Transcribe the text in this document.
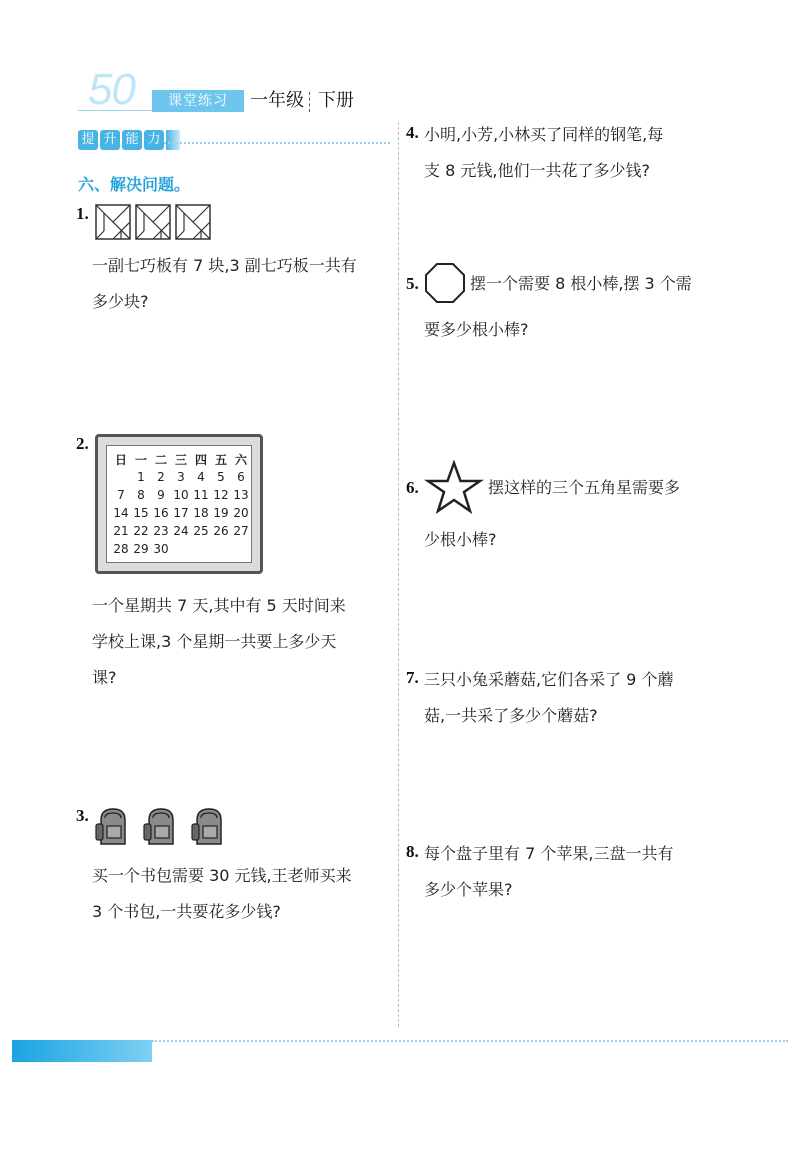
50	课堂练习	一年级 下册
提 升 能 力
六、解决问题。
1.
一副七巧板有 7 块,3 副七巧板一共有
多少块?
2.
日	一	二	三	四	五	六
	1	2	3	4	5	6
7	8	9	10	11	12	13
14	15	16	17	18	19	20
21	22	23	24	25	26	27
28	29	30				
一个星期共 7 天,其中有 5 天时间来
学校上课,3 个星期一共要上多少天
课?
3.
买一个书包需要 30 元钱,王老师买来
3 个书包,一共要花多少钱?
4. 小明,小芳,小林买了同样的钢笔,每
支 8 元钱,他们一共花了多少钱?
5.	摆一个需要 8 根小棒,摆 3 个需
要多少根小棒?
6.	摆这样的三个五角星需要多
少根小棒?
7. 三只小兔采蘑菇,它们各采了 9 个蘑
菇,一共采了多少个蘑菇?
8. 每个盘子里有 7 个苹果,三盘一共有
多少个苹果?
